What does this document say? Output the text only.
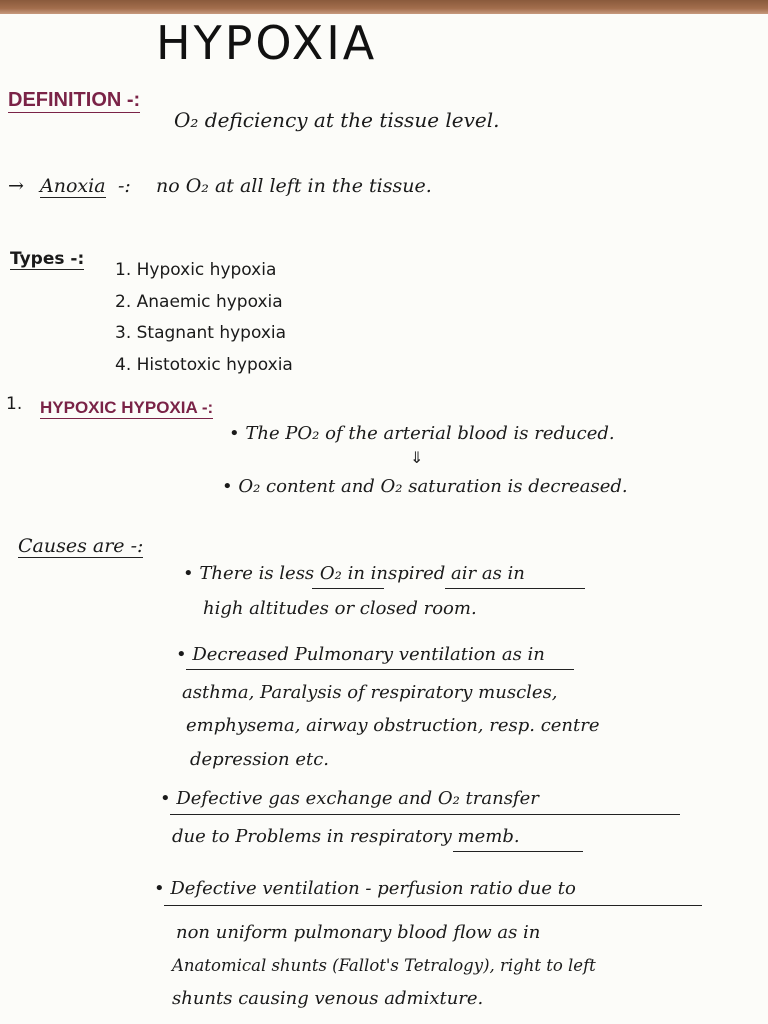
HYPOXIA
DEFINITION -:
O₂ deficiency at the tissue level.
→ Anoxia -: no O₂ at all left in the tissue.
Types -:
1. Hypoxic hypoxia
2. Anaemic hypoxia
3. Stagnant hypoxia
4. Histotoxic hypoxia
1. HYPOXIC HYPOXIA -:
• The PO₂ of the arterial blood is reduced.
⇓
• O₂ content and O₂ saturation is decreased.
Causes are -:
• There is less O₂ in inspired air as in
high altitudes or closed room.
• Decreased Pulmonary ventilation as in
asthma, Paralysis of respiratory muscles,
emphysema, airway obstruction, resp. centre
depression etc.
• Defective gas exchange and O₂ transfer
due to Problems in respiratory memb.
• Defective ventilation - perfusion ratio due to
non uniform pulmonary blood flow as in
Anatomical shunts (Fallot's Tetralogy), right to left
shunts causing venous admixture.
